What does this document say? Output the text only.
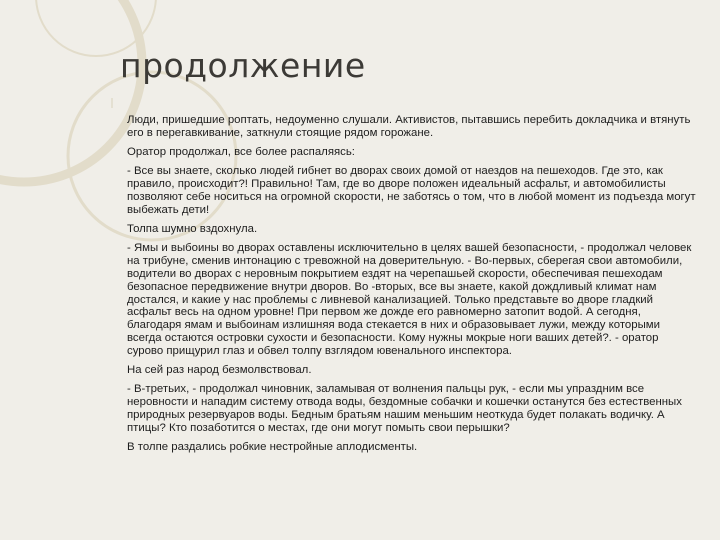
продолжение

Люди, пришедшие роптать, недоуменно слушали. Активистов, пытавшись перебить докладчика и втянуть его в перегавкивание, заткнули стоящие рядом горожане.

Оратор продолжал, все более распаляясь:

- Все вы знаете, сколько людей гибнет во дворах своих домой от наездов на пешеходов. Где это, как правило, происходит?! Правильно! Там, где во дворе положен идеальный асфальт, и автомобилисты позволяют себе носиться на огромной скорости, не заботясь о том, что в любой момент из подъезда могут выбежать дети!

Толпа шумно вздохнула.

- Ямы и выбоины во дворах оставлены исключительно в целях вашей безопасности, - продолжал человек на трибуне, сменив интонацию с тревожной на доверительную. - Во-первых, сберегая свои автомобили, водители во дворах с неровным покрытием ездят на черепашьей скорости, обеспечивая пешеходам безопасное передвижение внутри дворов. Во -вторых, все вы знаете, какой дождливый климат нам достался, и какие у нас проблемы с ливневой канализацией. Только представьте во дворе гладкий асфальт весь на одном уровне! При первом же дожде его равномерно затопит водой. А сегодня, благодаря ямам и выбоинам излишняя вода стекается в них и образовывает лужи, между которыми всегда остаются островки сухости и безопасности. Кому нужны мокрые ноги ваших детей?. - оратор сурово прищурил глаз и обвел толпу взглядом ювенального инспектора.

На сей раз народ безмолвствовал.

- В-третьих, - продолжал чиновник, заламывая от волнения пальцы рук, - если мы упраздним все неровности и нападим систему отвода воды, бездомные собачки и кошечки останутся без естественных природных резервуаров воды. Бедным братьям нашим меньшим неоткуда будет полакать водичку. А птицы? Кто позаботится о местах, где они могут помыть свои перышки?

В толпе раздались робкие нестройные аплодисменты.
